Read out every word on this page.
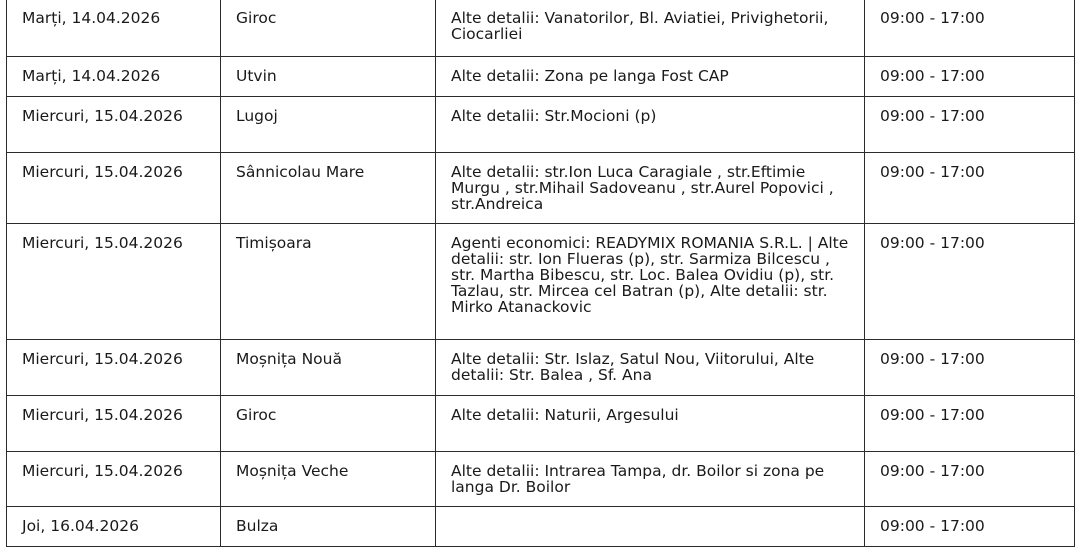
Marți, 14.04.2026	Giroc	Alte detalii: Vanatorilor, Bl. Aviatiei, Privighetorii, Ciocarliei	09:00 - 17:00
Marți, 14.04.2026	Utvin	Alte detalii: Zona pe langa Fost CAP	09:00 - 17:00
Miercuri, 15.04.2026	Lugoj	Alte detalii: Str.Mocioni (p)	09:00 - 17:00
Miercuri, 15.04.2026	Sânnicolau Mare	Alte detalii: str.Ion Luca Caragiale , str.Eftimie Murgu , str.Mihail Sadoveanu , str.Aurel Popovici , str.Andreica	09:00 - 17:00
Miercuri, 15.04.2026	Timișoara	Agenti economici: READYMIX ROMANIA S.R.L. | Alte detalii: str. Ion Flueras (p), str. Sarmiza Bilcescu , str. Martha Bibescu, str. Loc. Balea Ovidiu (p), str. Tazlau, str. Mircea cel Batran (p), Alte detalii: str. Mirko Atanackovic	09:00 - 17:00
Miercuri, 15.04.2026	Moșnița Nouă	Alte detalii: Str. Islaz, Satul Nou, Viitorului, Alte detalii: Str. Balea , Sf. Ana	09:00 - 17:00
Miercuri, 15.04.2026	Giroc	Alte detalii: Naturii, Argesului	09:00 - 17:00
Miercuri, 15.04.2026	Moșnița Veche	Alte detalii: Intrarea Tampa, dr. Boilor si zona pe langa Dr. Boilor	09:00 - 17:00
Joi, 16.04.2026	Bulza		09:00 - 17:00
